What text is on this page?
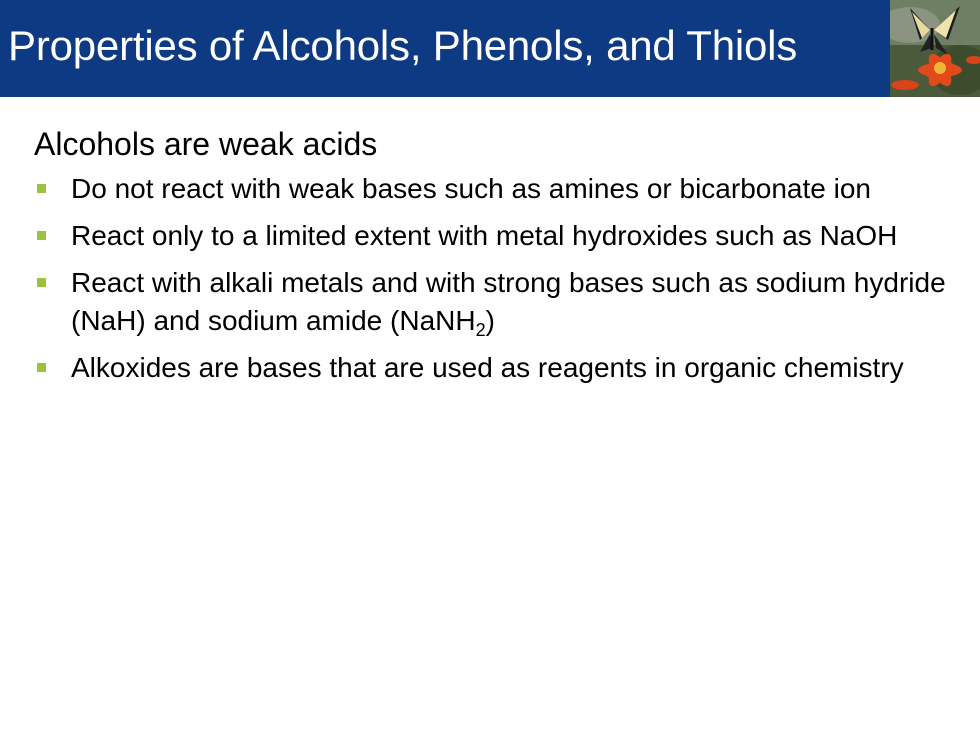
Properties of Alcohols, Phenols, and Thiols
Alcohols are weak acids
Do not react with weak bases such as amines or bicarbonate ion
React only to a limited extent with metal hydroxides such as NaOH
React with alkali metals and with strong bases such as sodium hydride (NaH) and sodium amide (NaNH$_2$)
Alkoxides are bases that are used as reagents in organic chemistry
